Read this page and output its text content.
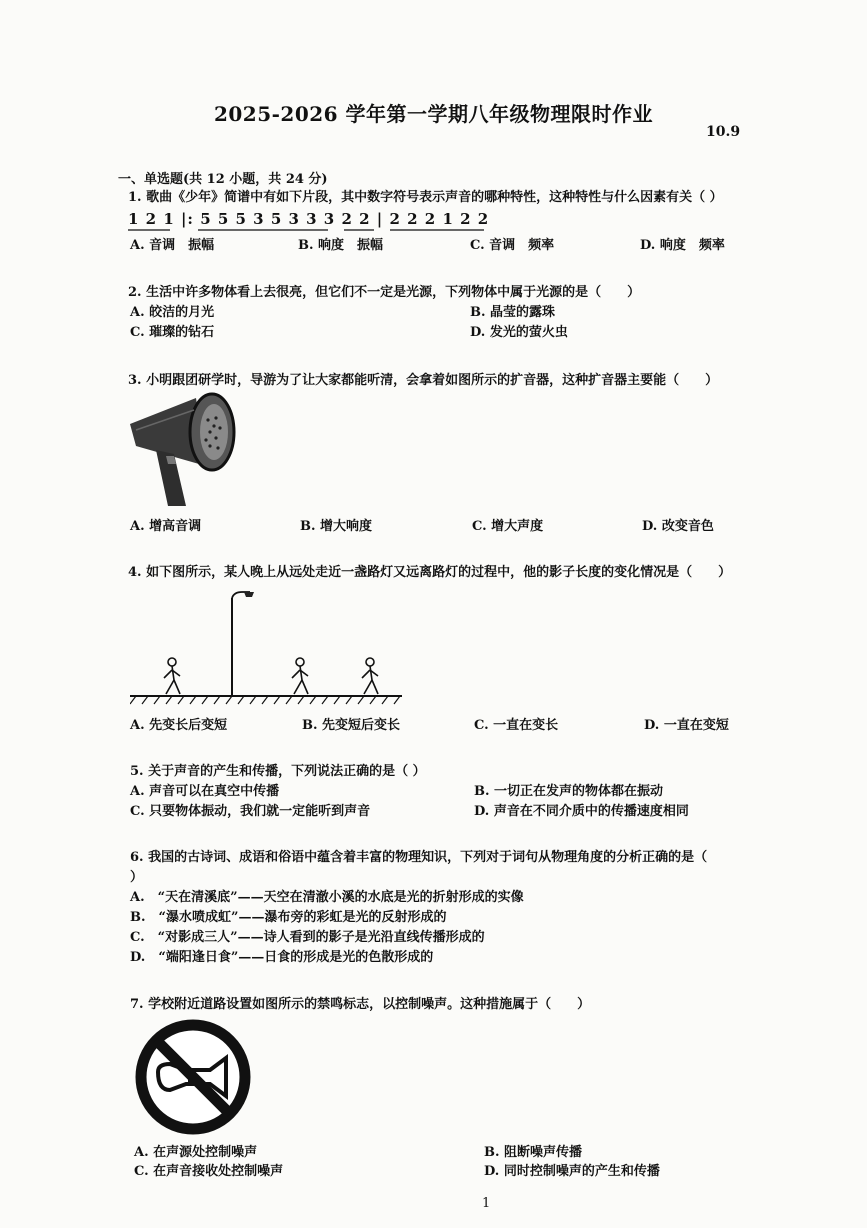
2025-2026 学年第一学期八年级物理限时作业
10.9
一、单选题(共 12 小题，共 24 分)
1. 歌曲《少年》简谱中有如下片段，其中数字符号表示声音的哪种特性，这种特性与什么因素有关（ ）
1 2 1 |: 5 5 5 3 5 3 3 3 2 2 | 2 2 2 1 2 2
A. 音调　振幅	B. 响度　振幅	C. 音调　频率	D. 响度　频率
2. 生活中许多物体看上去很亮，但它们不一定是光源，下列物体中属于光源的是（　　）
A. 皎洁的月光	B. 晶莹的露珠
C. 璀璨的钻石	D. 发光的萤火虫
3. 小明跟团研学时，导游为了让大家都能听清，会拿着如图所示的扩音器，这种扩音器主要能（　　）
A. 增高音调	B. 增大响度	C. 增大声度	D. 改变音色
4. 如下图所示，某人晚上从远处走近一盏路灯又远离路灯的过程中，他的影子长度的变化情况是（　　）
A. 先变长后变短	B. 先变短后变长	C. 一直在变长	D. 一直在变短
5. 关于声音的产生和传播，下列说法正确的是（ ）
A. 声音可以在真空中传播	B. 一切正在发声的物体都在振动
C. 只要物体振动，我们就一定能听到声音	D. 声音在不同介质中的传播速度相同
6. 我国的古诗词、成语和俗语中蕴含着丰富的物理知识，下列对于词句从物理角度的分析正确的是（
）
A.　“天在清溪底”——天空在清澈小溪的水底是光的折射形成的实像
B.　“瀑水喷成虹”——瀑布旁的彩虹是光的反射形成的
C.　“对影成三人”——诗人看到的影子是光沿直线传播形成的
D.　“端阳逢日食”——日食的形成是光的色散形成的
7. 学校附近道路设置如图所示的禁鸣标志，以控制噪声。这种措施属于（　　）
A. 在声源处控制噪声	B. 阻断噪声传播
C. 在声音接收处控制噪声	D. 同时控制噪声的产生和传播
1
